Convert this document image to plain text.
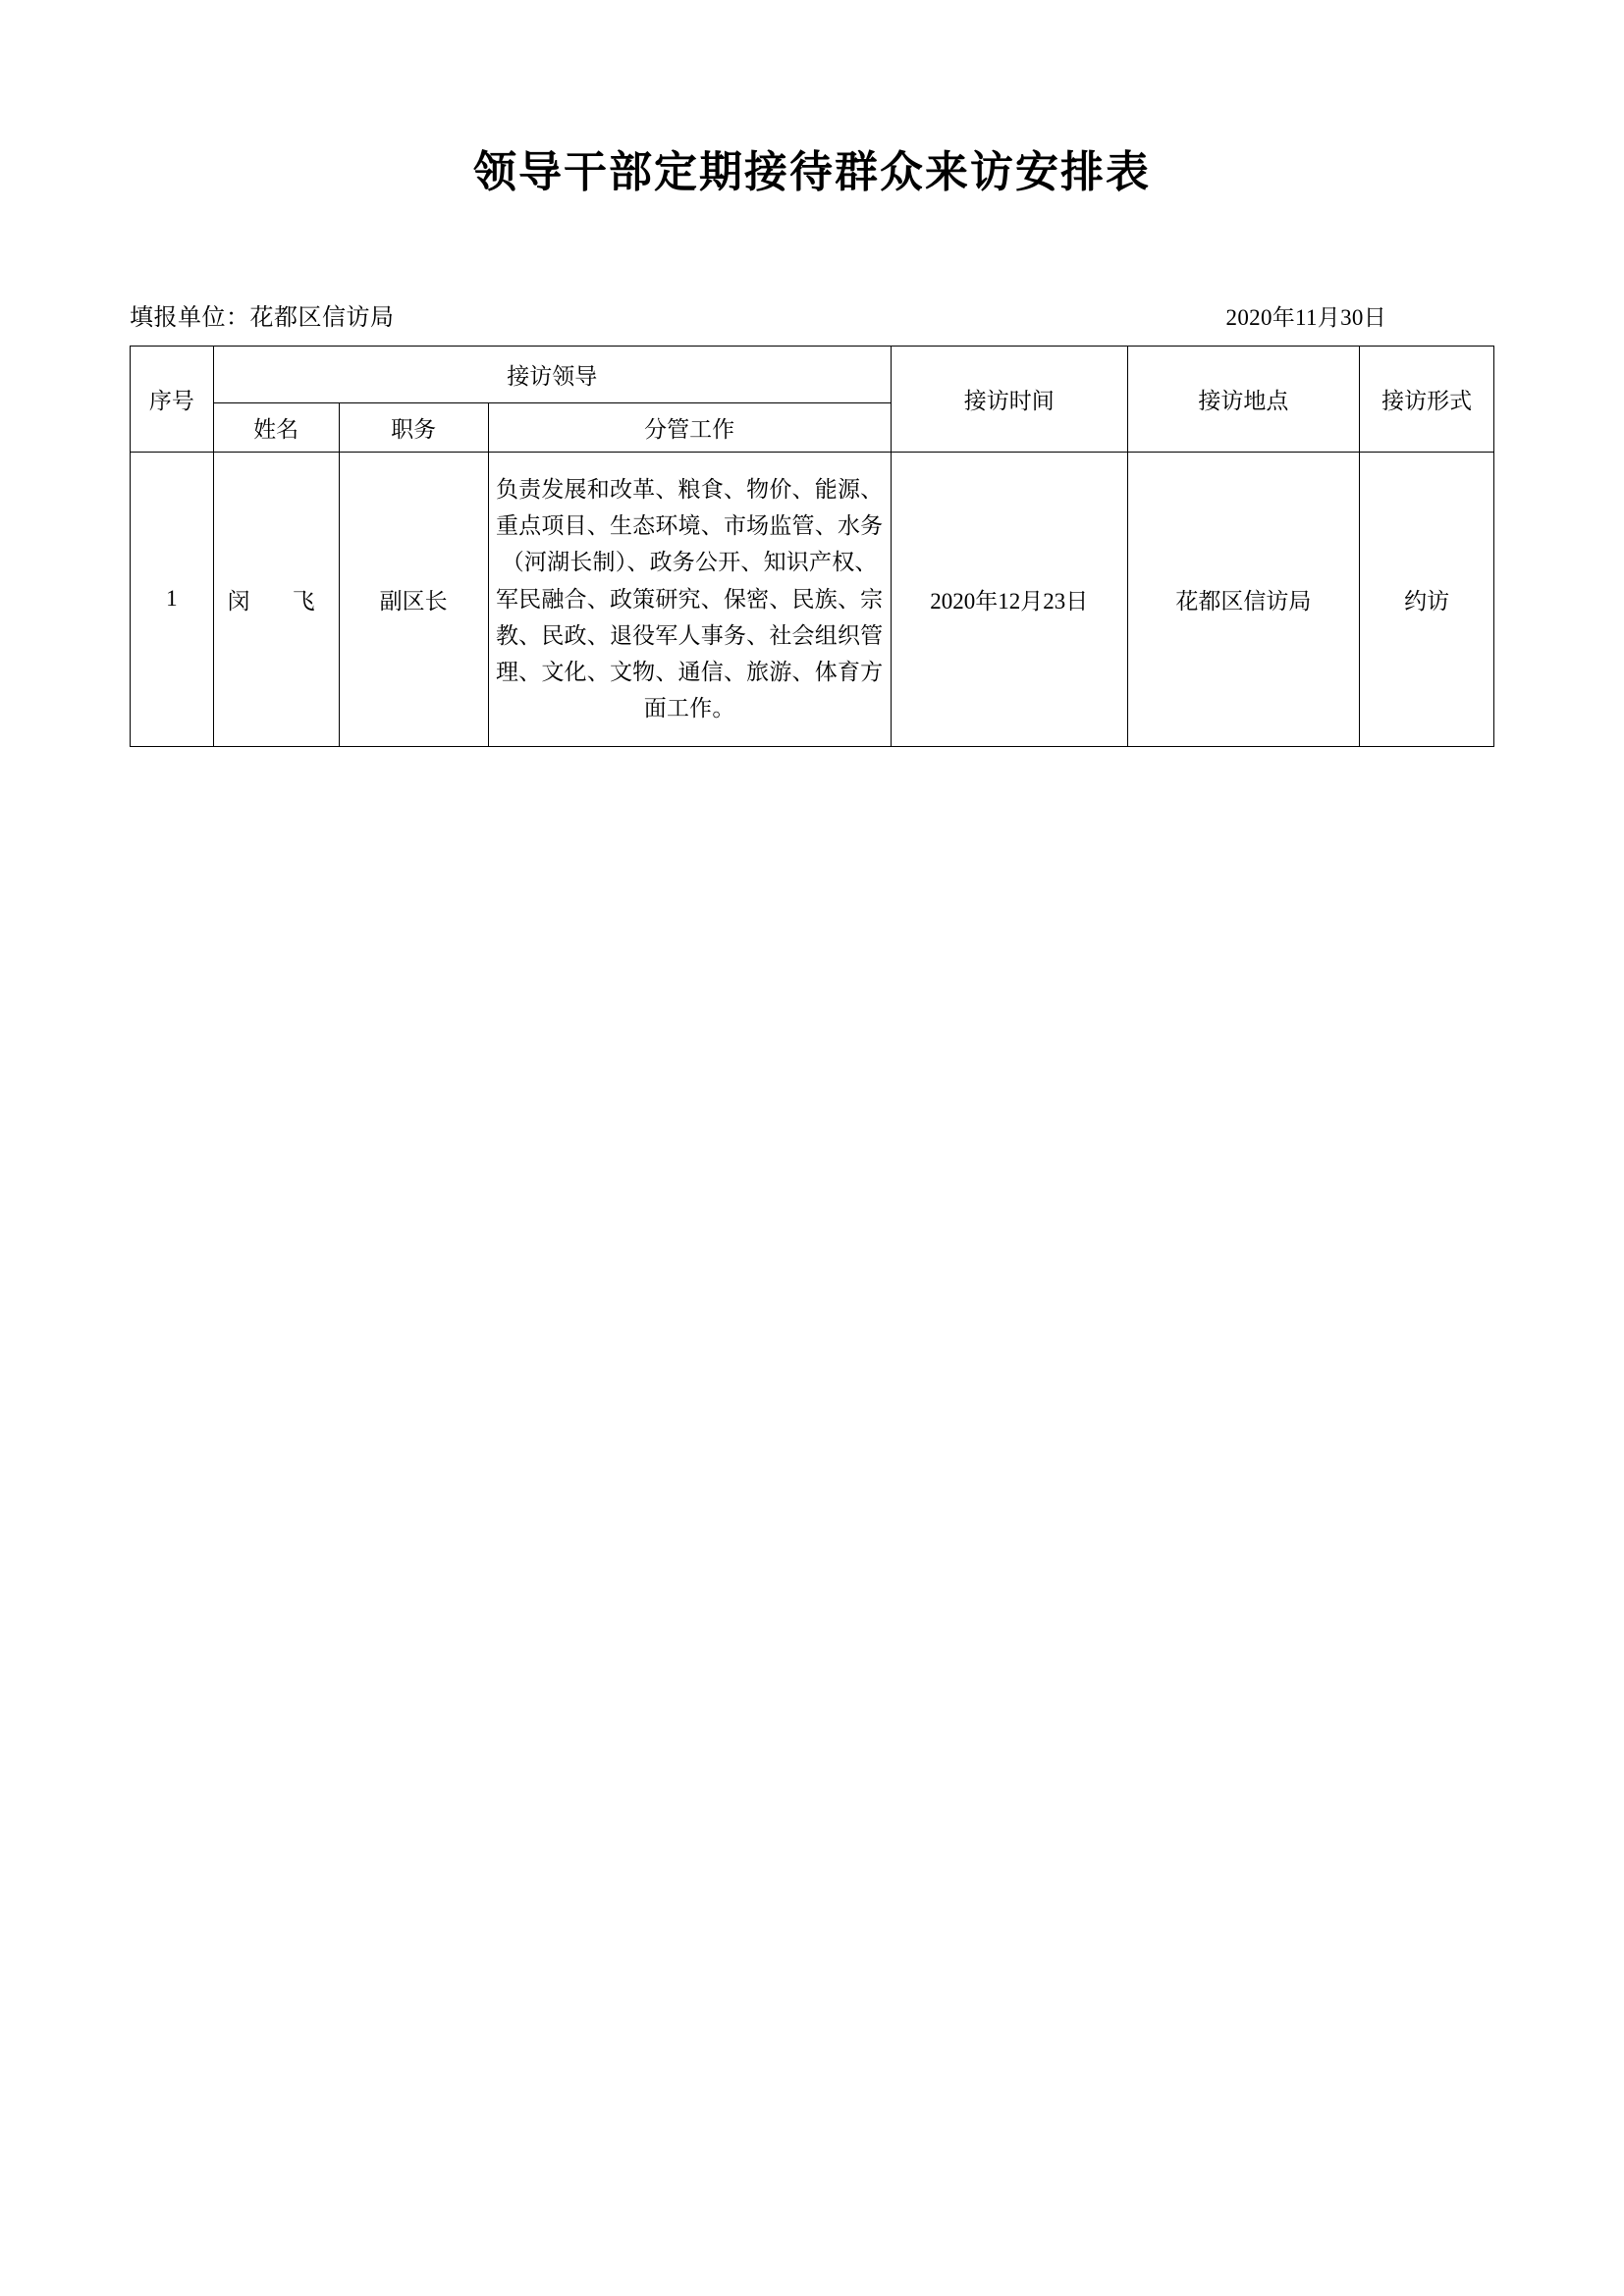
领导干部定期接待群众来访安排表
填报单位：花都区信访局	2020年11月30日
序号	接访领导			接访时间	接访地点	接访形式
	姓名	职务	分管工作			
1	闵　飞	副区长	负责发展和改革、粮食、物价、能源、重点项目、生态环境、市场监管、水务（河湖长制）、政务公开、知识产权、军民融合、政策研究、保密、民族、宗教、民政、退役军人事务、社会组织管理、文化、文物、通信、旅游、体育方面工作。	2020年12月23日	花都区信访局	约访
